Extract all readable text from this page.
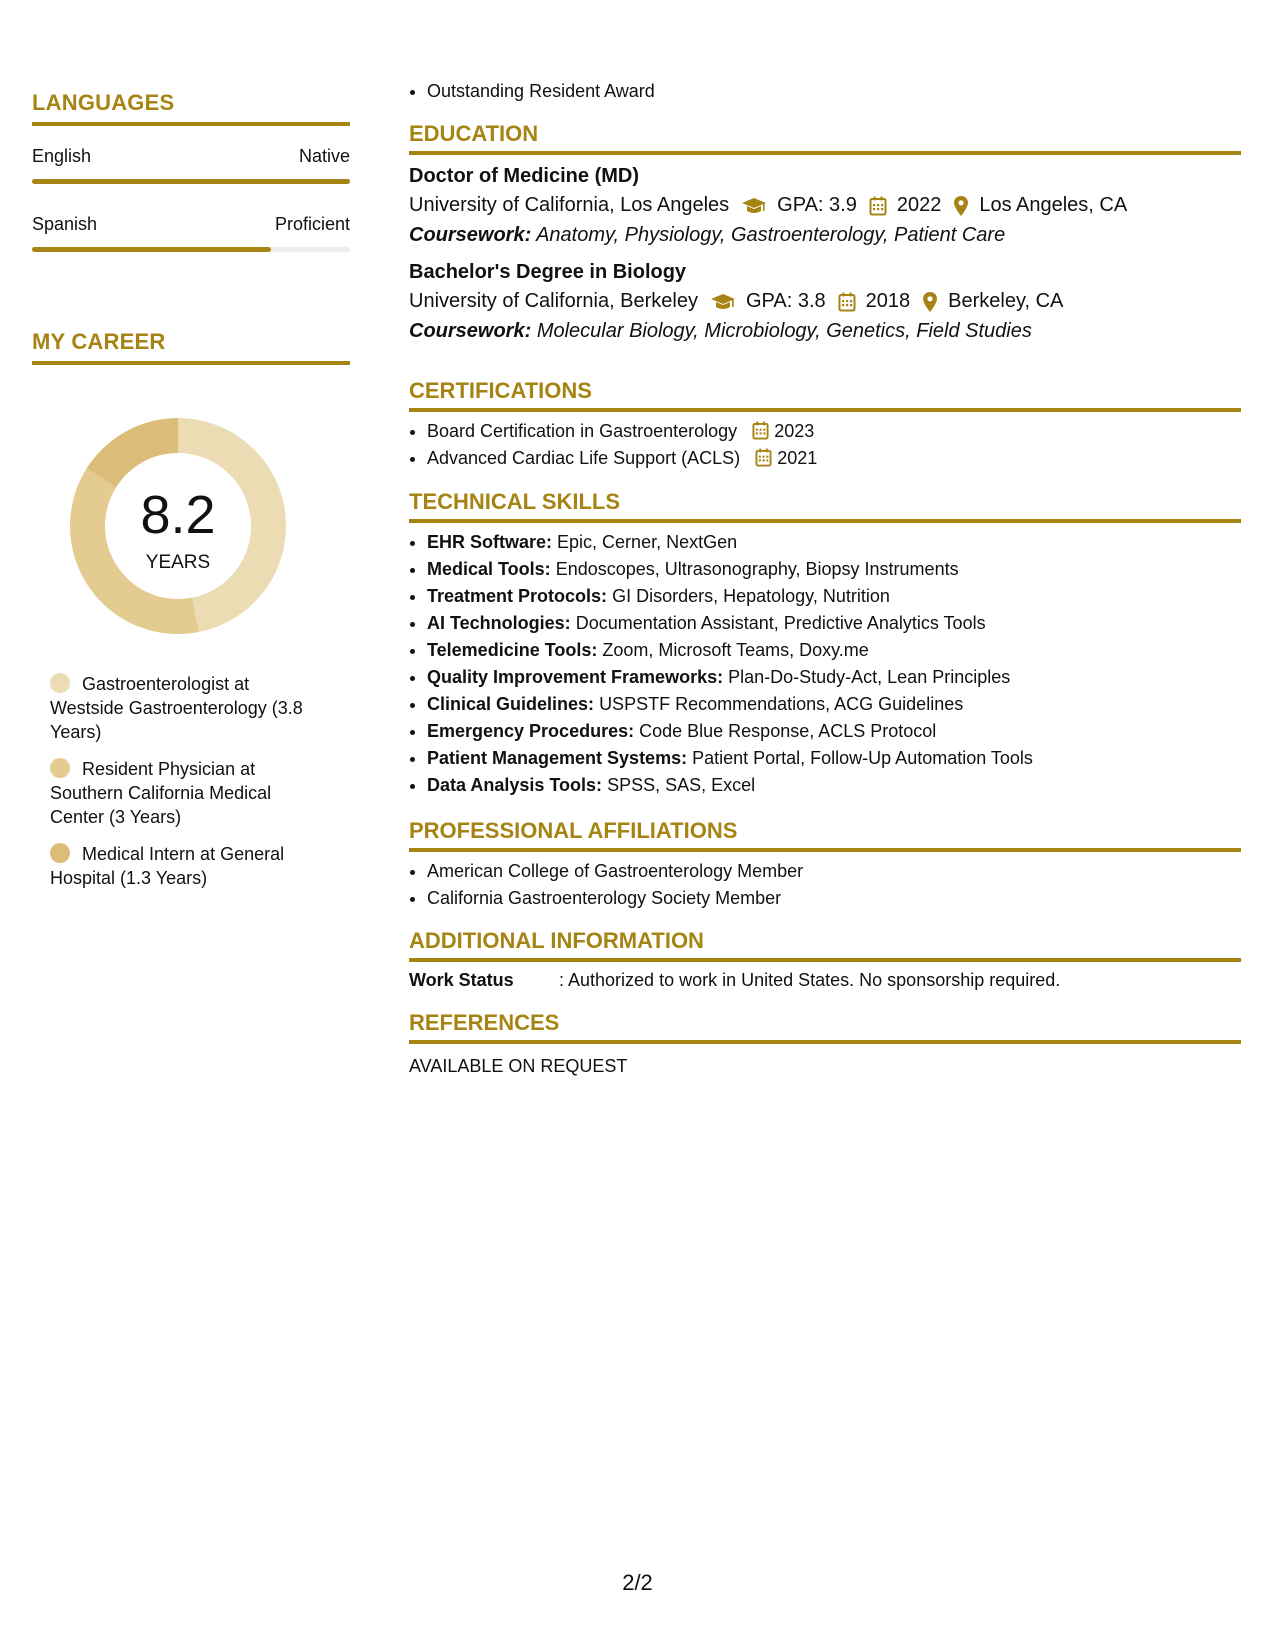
LANGUAGES
English	Native
Spanish	Proficient
MY CAREER
8.2
YEARS
Gastroenterologist at Westside Gastroenterology (3.8 Years)
Resident Physician at Southern California Medical Center (3 Years)
Medical Intern at General Hospital (1.3 Years)
• Outstanding Resident Award
EDUCATION
Doctor of Medicine (MD)
University of California, Los Angeles GPA: 3.9 2022 Los Angeles, CA
Coursework: Anatomy, Physiology, Gastroenterology, Patient Care
Bachelor's Degree in Biology
University of California, Berkeley GPA: 3.8 2018 Berkeley, CA
Coursework: Molecular Biology, Microbiology, Genetics, Field Studies
CERTIFICATIONS
• Board Certification in Gastroenterology 2023
• Advanced Cardiac Life Support (ACLS) 2021
TECHNICAL SKILLS
• EHR Software: Epic, Cerner, NextGen
• Medical Tools: Endoscopes, Ultrasonography, Biopsy Instruments
• Treatment Protocols: GI Disorders, Hepatology, Nutrition
• AI Technologies: Documentation Assistant, Predictive Analytics Tools
• Telemedicine Tools: Zoom, Microsoft Teams, Doxy.me
• Quality Improvement Frameworks: Plan-Do-Study-Act, Lean Principles
• Clinical Guidelines: USPSTF Recommendations, ACG Guidelines
• Emergency Procedures: Code Blue Response, ACLS Protocol
• Patient Management Systems: Patient Portal, Follow-Up Automation Tools
• Data Analysis Tools: SPSS, SAS, Excel
PROFESSIONAL AFFILIATIONS
• American College of Gastroenterology Member
• California Gastroenterology Society Member
ADDITIONAL INFORMATION
Work Status	: Authorized to work in United States. No sponsorship required.
REFERENCES
AVAILABLE ON REQUEST
2/2
